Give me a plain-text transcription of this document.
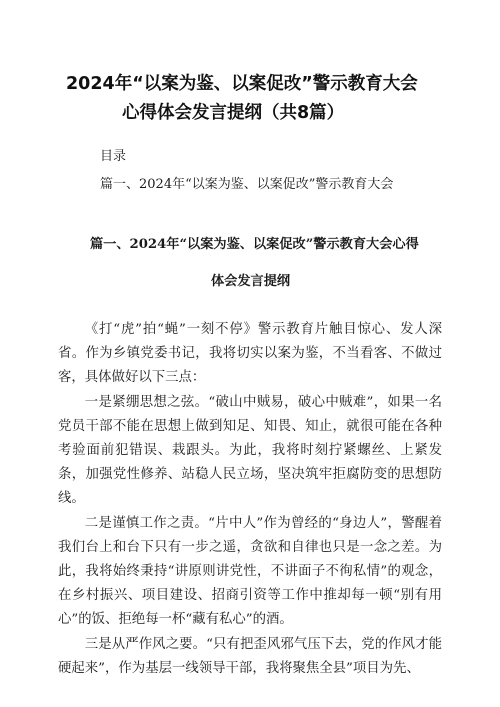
2024年“以案为鉴、以案促改”警示教育大会
心得体会发言提纲（共8篇）
目录
篇一、2024年“以案为鉴、以案促改”警示教育大会
篇一、2024年“以案为鉴、以案促改”警示教育大会心得
体会发言提纲

《打“虎”拍“蝇”一刻不停》警示教育片触目惊心、发人深省。作为乡镇党委书记，我将切实以案为鉴，不当看客、不做过客，具体做好以下三点：

一是紧绷思想之弦。“破山中贼易，破心中贼难”，如果一名党员干部不能在思想上做到知足、知畏、知止，就很可能在各种考验面前犯错误、栽跟头。为此，我将时刻拧紧螺丝、上紧发条，加强党性修养、站稳人民立场，坚决筑牢拒腐防变的思想防线。

二是谨慎工作之责。“片中人”作为曾经的“身边人”，警醒着我们台上和台下只有一步之遥，贪欲和自律也只是一念之差。为此，我将始终秉持“讲原则讲党性，不讲面子不徇私情”的观念，在乡村振兴、项目建设、招商引资等工作中推却每一顿“别有用心”的饭、拒绝每一杯“藏有私心”的酒。

三是从严作风之要。“只有把歪风邪气压下去，党的作风才能硬起来”，作为基层一线领导干部，我将聚焦全县”项目为先、
